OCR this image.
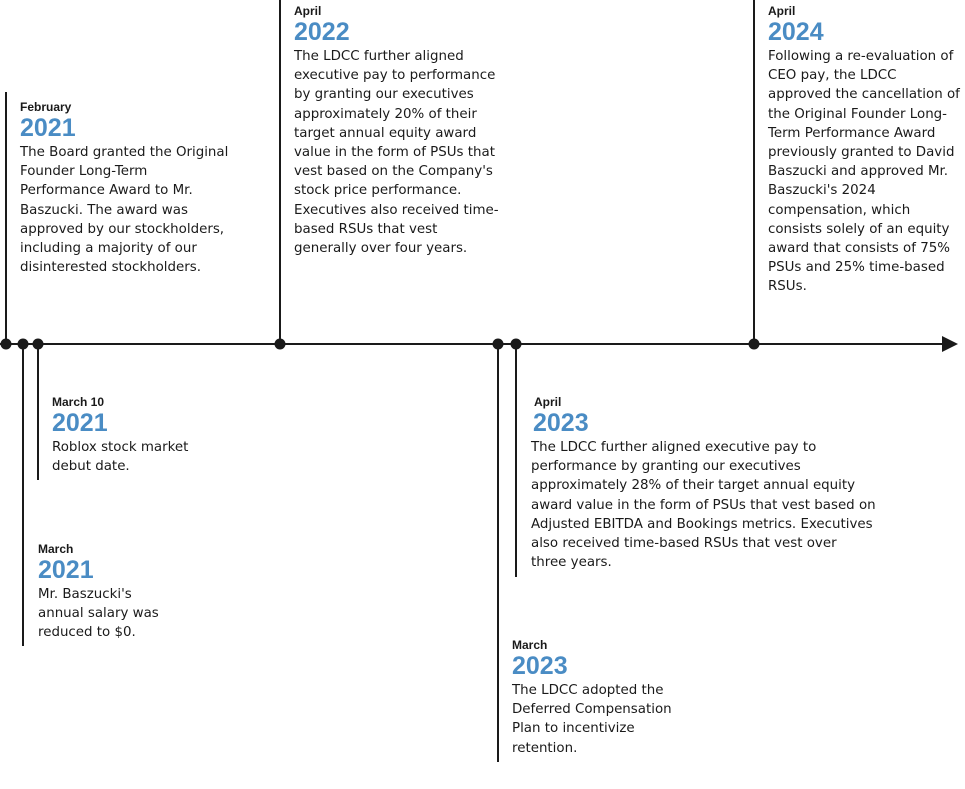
February
2021
The Board granted the Original Founder Long-Term Performance Award to Mr. Baszucki. The award was approved by our stockholders, including a majority of our disinterested stockholders.
March 10
2021
Roblox stock market debut date.
March
2021
Mr. Baszucki's annual salary was reduced to $0.
April
2022
The LDCC further aligned executive pay to performance by granting our executives approximately 20% of their target annual equity award value in the form of PSUs that vest based on the Company's stock price performance. Executives also received time-based RSUs that vest generally over four years.
March
2023
The LDCC adopted the Deferred Compensation Plan to incentivize retention.
April
2023
The LDCC further aligned executive pay to performance by granting our executives approximately 28% of their target annual equity award value in the form of PSUs that vest based on Adjusted EBITDA and Bookings metrics. Executives also received time-based RSUs that vest over three years.
April
2024
Following a re-evaluation of CEO pay, the LDCC approved the cancellation of the Original Founder Long-Term Performance Award previously granted to David Baszucki and approved Mr. Baszucki's 2024 compensation, which consists solely of an equity award that consists of 75% PSUs and 25% time-based RSUs.
